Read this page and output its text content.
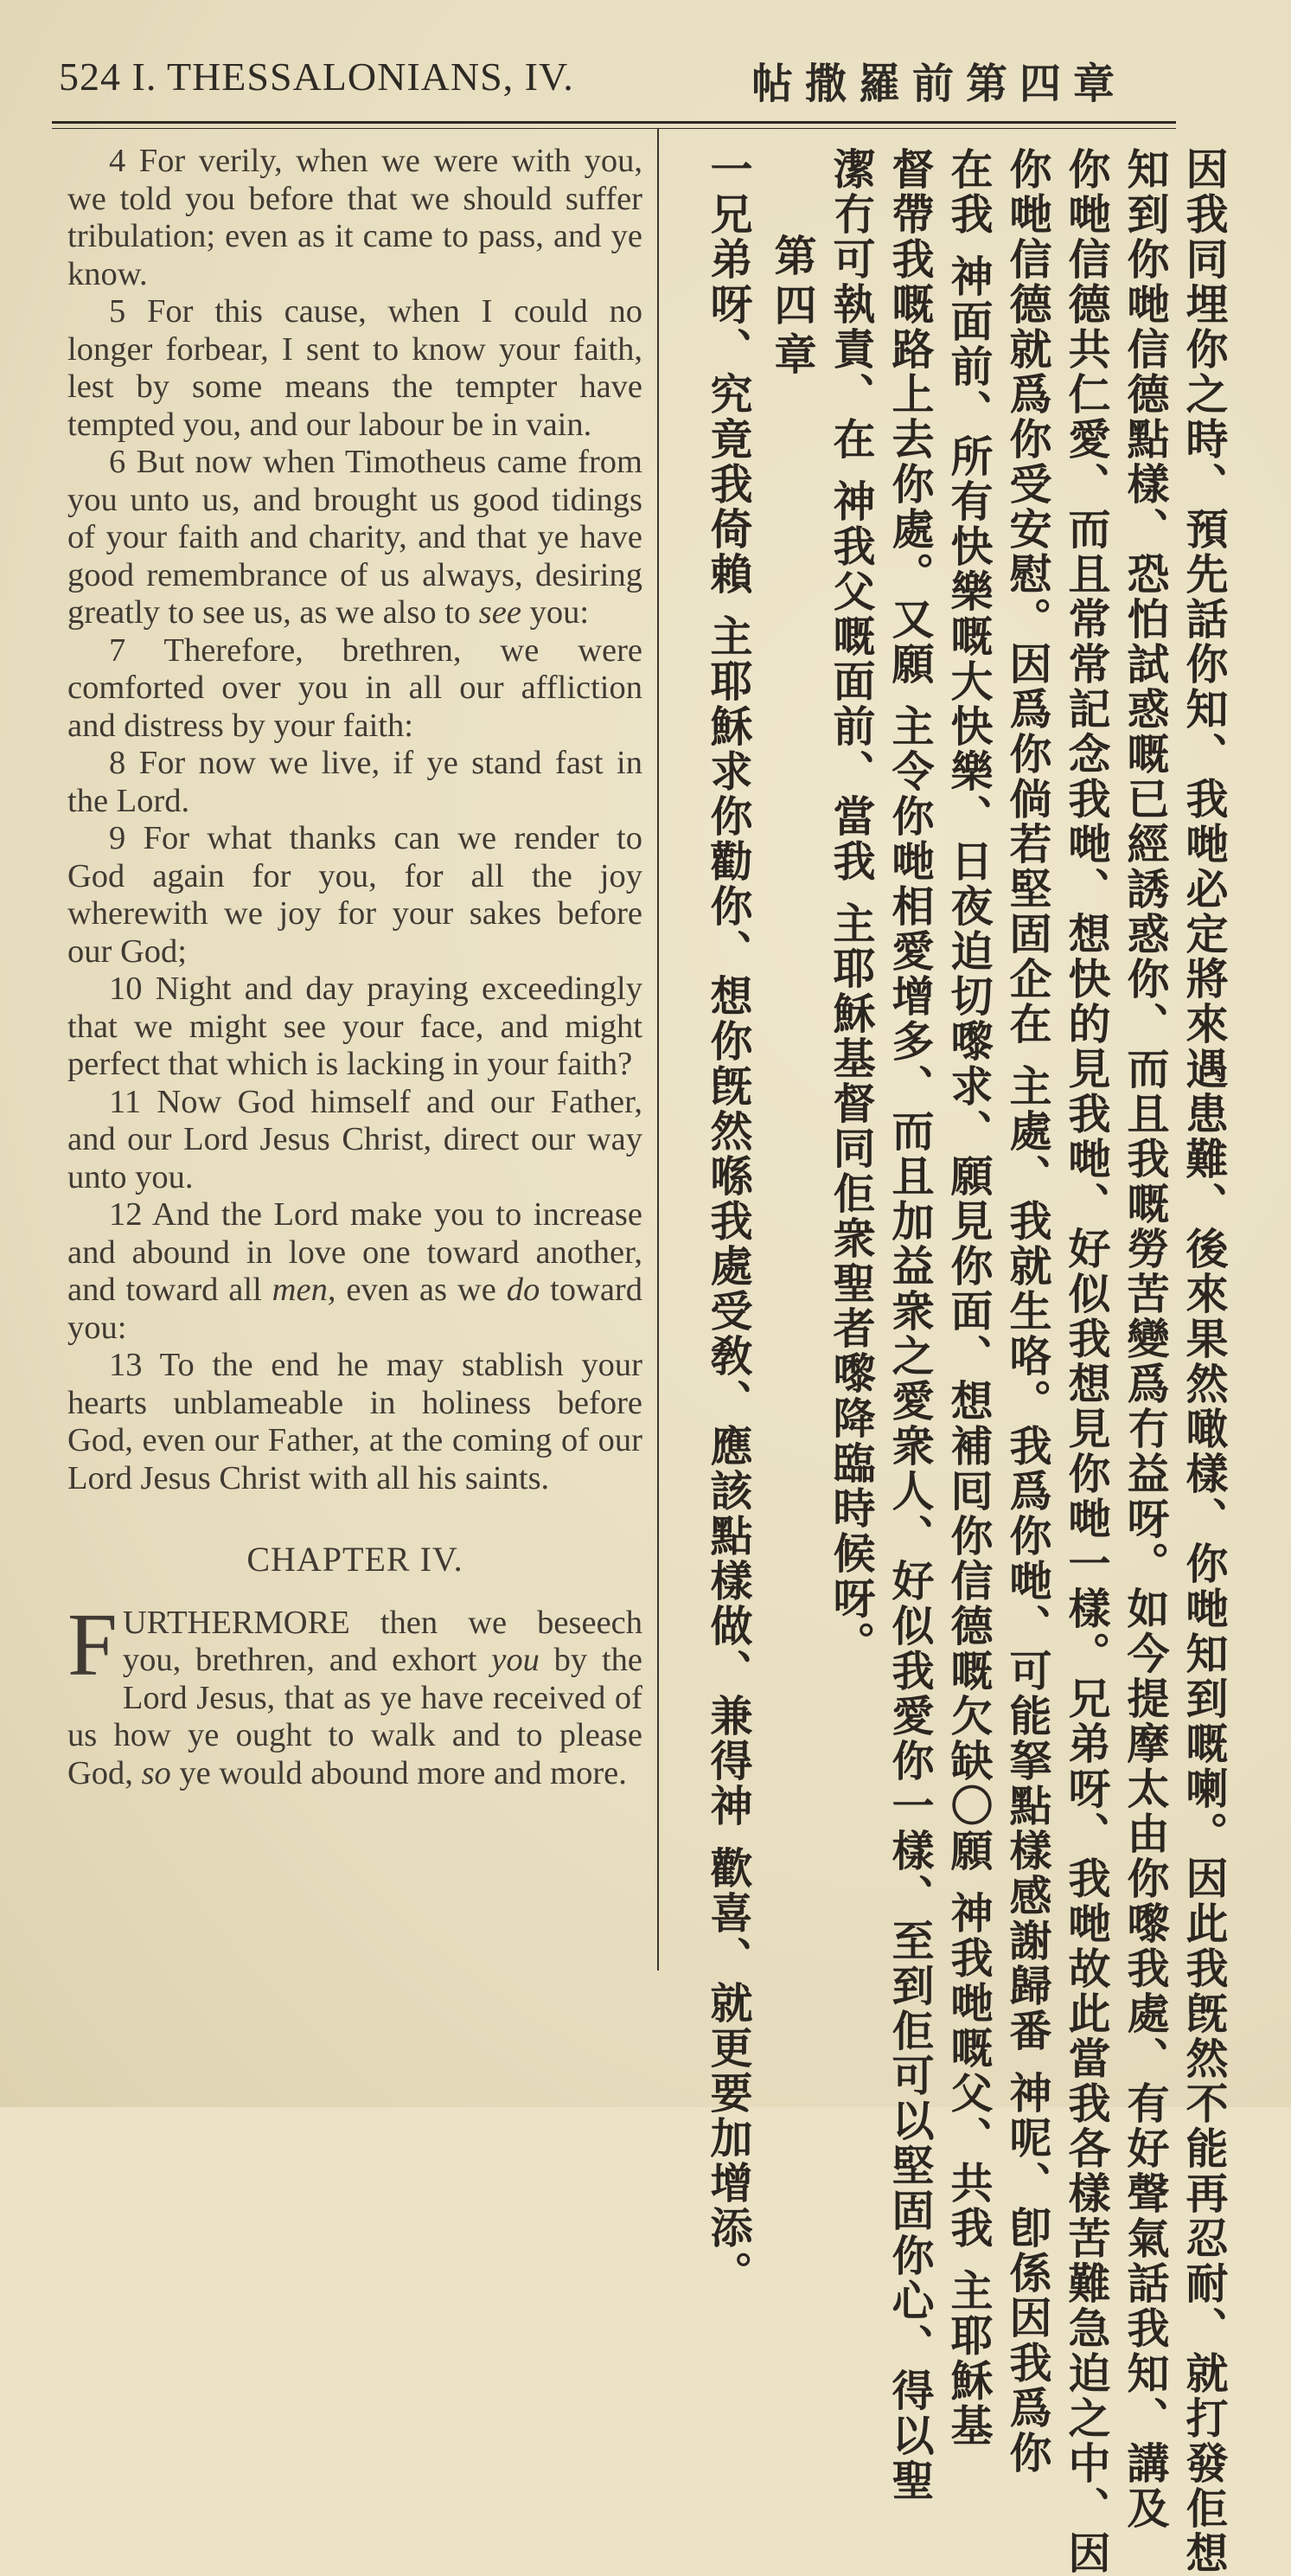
524 I. THESSALONIANS, IV.	帖撒羅前第四章

4 For verily, when we were with you, we told you before that we should suffer tribulation; even as it came to pass, and ye know.

5 For this cause, when I could no longer forbear, I sent to know your faith, lest by some means the tempter have tempted you, and our labour be in vain.

6 But now when Timotheus came from you unto us, and brought us good tidings of your faith and charity, and that ye have good remembrance of us always, desiring greatly to see us, as we also to see you:

7 Therefore, brethren, we were comforted over you in all our affliction and distress by your faith:

8 For now we live, if ye stand fast in the Lord.

9 For what thanks can we render to God again for you, for all the joy wherewith we joy for your sakes before our God;

10 Night and day praying exceedingly that we might see your face, and might perfect that which is lacking in your faith?

11 Now God himself and our Father, and our Lord Jesus Christ, direct our way unto you.

12 And the Lord make you to increase and abound in love one toward another, and toward all men, even as we do toward you:

13 To the end he may stablish your hearts unblameable in holiness before God, even our Father, at the coming of our Lord Jesus Christ with all his saints.

CHAPTER IV.

FURTHERMORE then we beseech you, brethren, and exhort you by the Lord Jesus, that as ye have received of us how ye ought to walk and to please God, so ye would abound more and more.	因我同埋你之時、預先話你知、我哋必定將來遇患難、後來果然噉樣、你哋知到嘅喇。因此我旣然不能再忍耐、就打發佢想
知到你哋信德點樣、恐怕試惑嘅已經誘惑你、而且我嘅勞苦變爲冇益呀。如今提摩太由你嚟我處、有好聲氣話我知、講及
你哋信德共仁愛、而且常常記念我哋、想快的見我哋、好似我想見你哋一樣。兄弟呀、我哋故此當我各樣苦難急迫之中、因
你哋信德就爲你受安慰。因爲你倘若堅固企在 主處、我就生咯。我爲你哋、可能拏點樣感謝歸番 神呢、卽係因我爲你
在我 神面前、所有快樂嘅大快樂、日夜迫切嚟求、願見你面、想補囘你信德嘅欠缺〇願 神我哋嘅父、共我 主耶穌基
督帶我嘅路上去你處。又願 主令你哋相愛增多、而且加益衆之愛衆人、好似我愛你一樣、至到佢可以堅固你心、得以聖
潔冇可執責、在 神我父嘅面前、當我 主耶穌基督同佢衆聖者嚟降臨時候呀。
第四章
一兄弟呀、究竟我倚賴 主耶穌求你勸你、想你旣然喺我處受敎、應該點樣做、兼得神 歡喜、就更要加增添。
